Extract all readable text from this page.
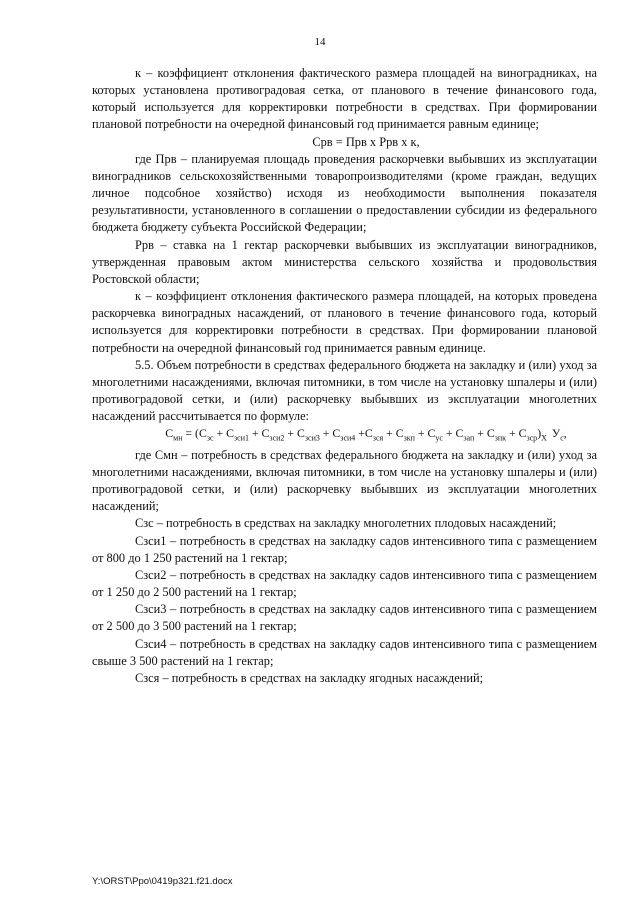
14

к – коэффициент отклонения фактического размера площадей на виноградниках, на которых установлена противоградовая сетка, от планового в течение финансового года, который используется для корректировки потребности в средствах. При формировании плановой потребности на очередной финансовый год принимается равным единице;

Срв = Прв х Ррв х к,

где Прв – планируемая площадь проведения раскорчевки выбывших из эксплуатации виноградников сельскохозяйственными товаропроизводителями (кроме граждан, ведущих личное подсобное хозяйство) исходя из необходимости выполнения показателя результативности, установленного в соглашении о предоставлении субсидии из федерального бюджета бюджету субъекта Российской Федерации;

Ррв – ставка на 1 гектар раскорчевки выбывших из эксплуатации виноградников, утвержденная правовым актом министерства сельского хозяйства и продовольствия Ростовской области;

к – коэффициент отклонения фактического размера площадей, на которых проведена раскорчевка виноградных насаждений, от планового в течение финансового года, который используется для корректировки потребности в средствах. При формировании плановой потребности на очередной финансовый год принимается равным единице.

5.5. Объем потребности в средствах федерального бюджета на закладку и (или) уход за многолетними насаждениями, включая питомники, в том числе на установку шпалеры и (или) противоградовой сетки, и (или) раскорчевку выбывших из эксплуатации многолетних насаждений рассчитывается по формуле:

$С_{мн} = (С_{зс} + С_{зси1} + С_{зси2} + С_{зси3} + С_{зси4} +С_{зся} + С_{зкп} + С_{ус} + С_{зап} + С_{зпк} + С_{зср})_Х$ $У_с$,

где Смн – потребность в средствах федерального бюджета на закладку и (или) уход за многолетними насаждениями, включая питомники, в том числе на установку шпалеры и (или) противоградовой сетки, и (или) раскорчевку выбывших из эксплуатации многолетних насаждений;

Сзс – потребность в средствах на закладку многолетних плодовых насаждений;

Сзси1 – потребность в средствах на закладку садов интенсивного типа с размещением от 800 до 1 250 растений на 1 гектар;

Сзси2 – потребность в средствах на закладку садов интенсивного типа с размещением от 1 250 до 2 500 растений на 1 гектар;

Сзси3 – потребность в средствах на закладку садов интенсивного типа с размещением от 2 500 до 3 500 растений на 1 гектар;

Сзси4 – потребность в средствах на закладку садов интенсивного типа с размещением свыше 3 500 растений на 1 гектар;

Сзся – потребность в средствах на закладку ягодных насаждений;

Y:\ORST\Ppo\0419p321.f21.docx
